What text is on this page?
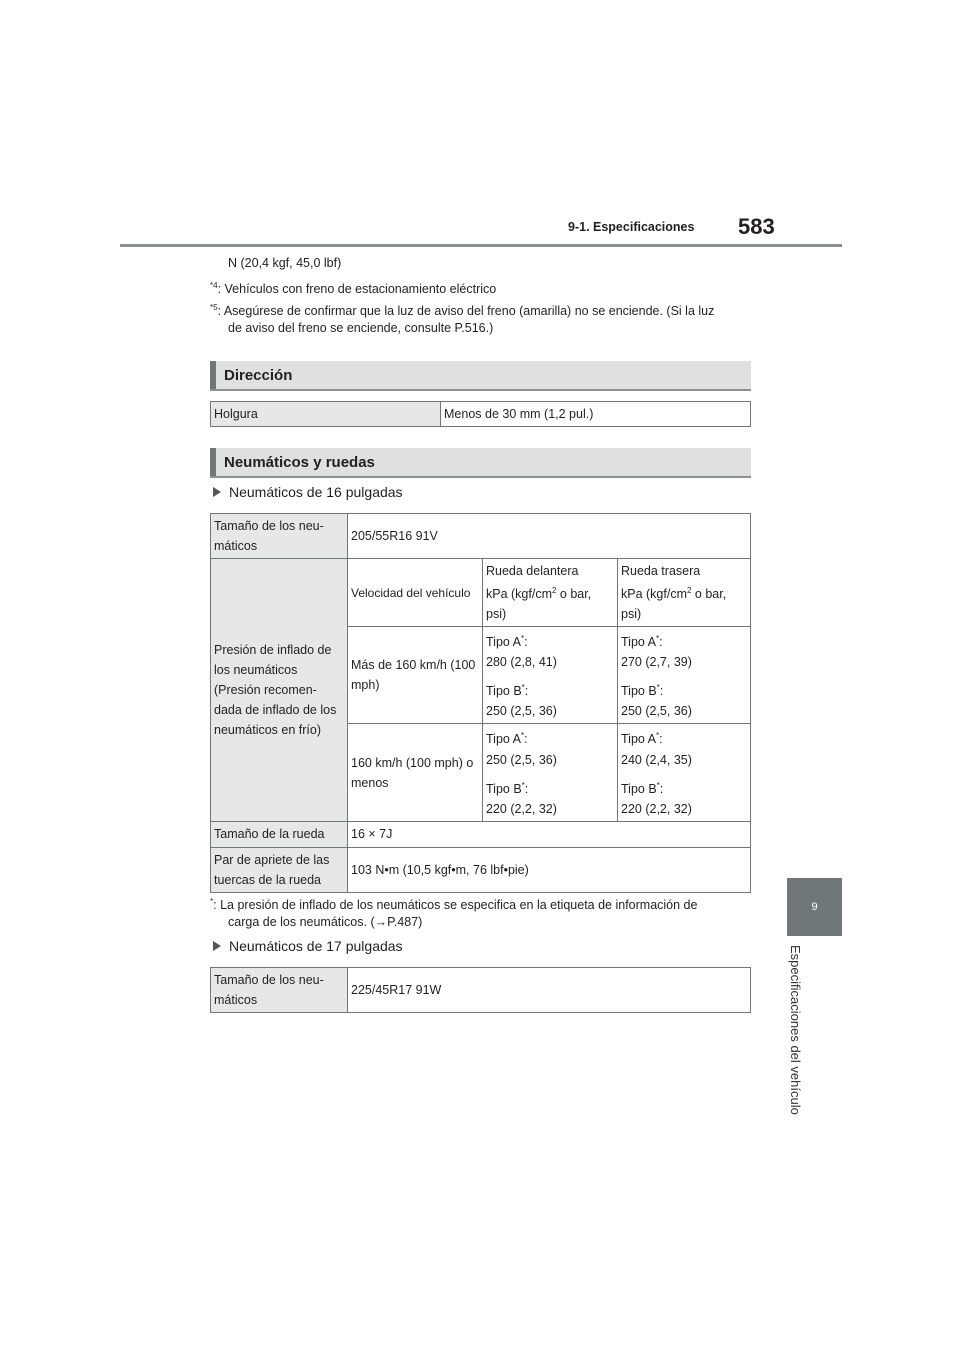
9-1. Especificaciones 583
9
Especificaciones del vehículo
N (20,4 kgf, 45,0 lbf)
$^{*4}$: Vehículos con freno de estacionamiento eléctrico
$^{*5}$: Asegúrese de confirmar que la luz de aviso del freno (amarilla) no se enciende. (Si la luz
de aviso del freno se enciende, consulte P.516.)
Dirección
Holgura	Menos de 30 mm (1,2 pul.)
Neumáticos y ruedas
Neumáticos de 16 pulgadas
Tamaño de los neu-
máticos	205/55R16 91V		

Presión de inflado de
los neumáticos
(Presión recomen-
dada de inflado de los
neumáticos en frío)	Velocidad del vehículo	Rueda delantera
kPa ($kgf/cm^2$ o bar,
psi)	Rueda trasera
kPa ($kgf/cm^2$ o bar,
psi)

	Más de 160 km/h (100
mph)	Tipo A*:
280 (2,8, 41)
Tipo B*:
250 (2,5, 36)	Tipo A*:
270 (2,7, 39)
Tipo B*:
250 (2,5, 36)

	160 km/h (100 mph) o
menos	Tipo A*:
250 (2,5, 36)
Tipo B*:
220 (2,2, 32)	Tipo A*:
240 (2,4, 35)
Tipo B*:
220 (2,2, 32)

Tamaño de la rueda	16 × 7J		

Par de apriete de las
tuercas de la rueda	103 N•m (10,5 kgf•m, 76 lbf•pie)		
*: La presión de inflado de los neumáticos se especifica en la etiqueta de información de
carga de los neumáticos. (→P.487)
Neumáticos de 17 pulgadas
Tamaño de los neu-
máticos
	225/45R17 91W
